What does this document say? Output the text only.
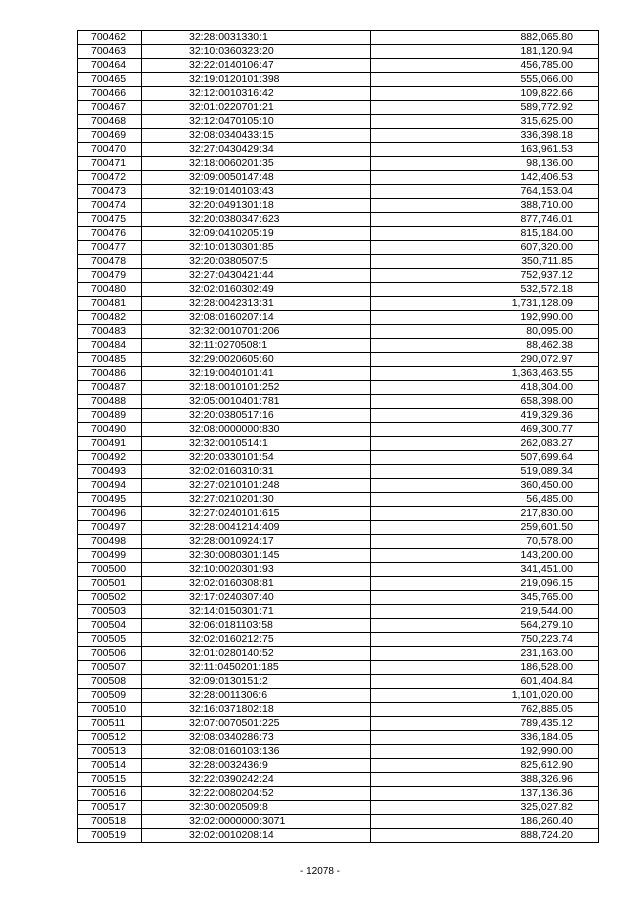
700462	32:28:0031330:1	882,065.80
700463	32:10:0360323:20	181,120.94
700464	32:22:0140106:47	456,785.00
700465	32:19:0120101:398	555,066.00
700466	32:12:0010316:42	109,822.66
700467	32:01:0220701:21	589,772.92
700468	32:12:0470105:10	315,625.00
700469	32:08:0340433:15	336,398.18
700470	32:27:0430429:34	163,961.53
700471	32:18:0060201:35	98,136.00
700472	32:09:0050147:48	142,406.53
700473	32:19:0140103:43	764,153.04
700474	32:20:0491301:18	388,710.00
700475	32:20:0380347:623	877,746.01
700476	32:09:0410205:19	815,184.00
700477	32:10:0130301:85	607,320.00
700478	32:20:0380507:5	350,711.85
700479	32:27:0430421:44	752,937.12
700480	32:02:0160302:49	532,572.18
700481	32:28:0042313:31	1,731,128.09
700482	32:08:0160207:14	192,990.00
700483	32:32:0010701:206	80,095.00
700484	32:11:0270508:1	88,462.38
700485	32:29:0020605:60	290,072.97
700486	32:19:0040101:41	1,363,463.55
700487	32:18:0010101:252	418,304.00
700488	32:05:0010401:781	658,398.00
700489	32:20:0380517:16	419,329.36
700490	32:08:0000000:830	469,300.77
700491	32:32:0010514:1	262,083.27
700492	32:20:0330101:54	507,699.64
700493	32:02:0160310:31	519,089.34
700494	32:27:0210101:248	360,450.00
700495	32:27:0210201:30	56,485.00
700496	32:27:0240101:615	217,830.00
700497	32:28:0041214:409	259,601.50
700498	32:28:0010924:17	70,578.00
700499	32:30:0080301:145	143,200.00
700500	32:10:0020301:93	341,451.00
700501	32:02:0160308:81	219,096.15
700502	32:17:0240307:40	345,765.00
700503	32:14:0150301:71	219,544.00
700504	32:06:0181103:58	564,279.10
700505	32:02:0160212:75	750,223.74
700506	32:01:0280140:52	231,163.00
700507	32:11:0450201:185	186,528.00
700508	32:09:0130151:2	601,404.84
700509	32:28:0011306:6	1,101,020.00
700510	32:16:0371802:18	762,885.05
700511	32:07:0070501:225	789,435.12
700512	32:08:0340286:73	336,184.05
700513	32:08:0160103:136	192,990.00
700514	32:28:0032436:9	825,612.90
700515	32:22:0390242:24	388,326.96
700516	32:22:0080204:52	137,136.36
700517	32:30:0020509:8	325,027.82
700518	32:02:0000000:3071	186,260.40
700519	32:02:0010208:14	888,724.20
- 12078 -
